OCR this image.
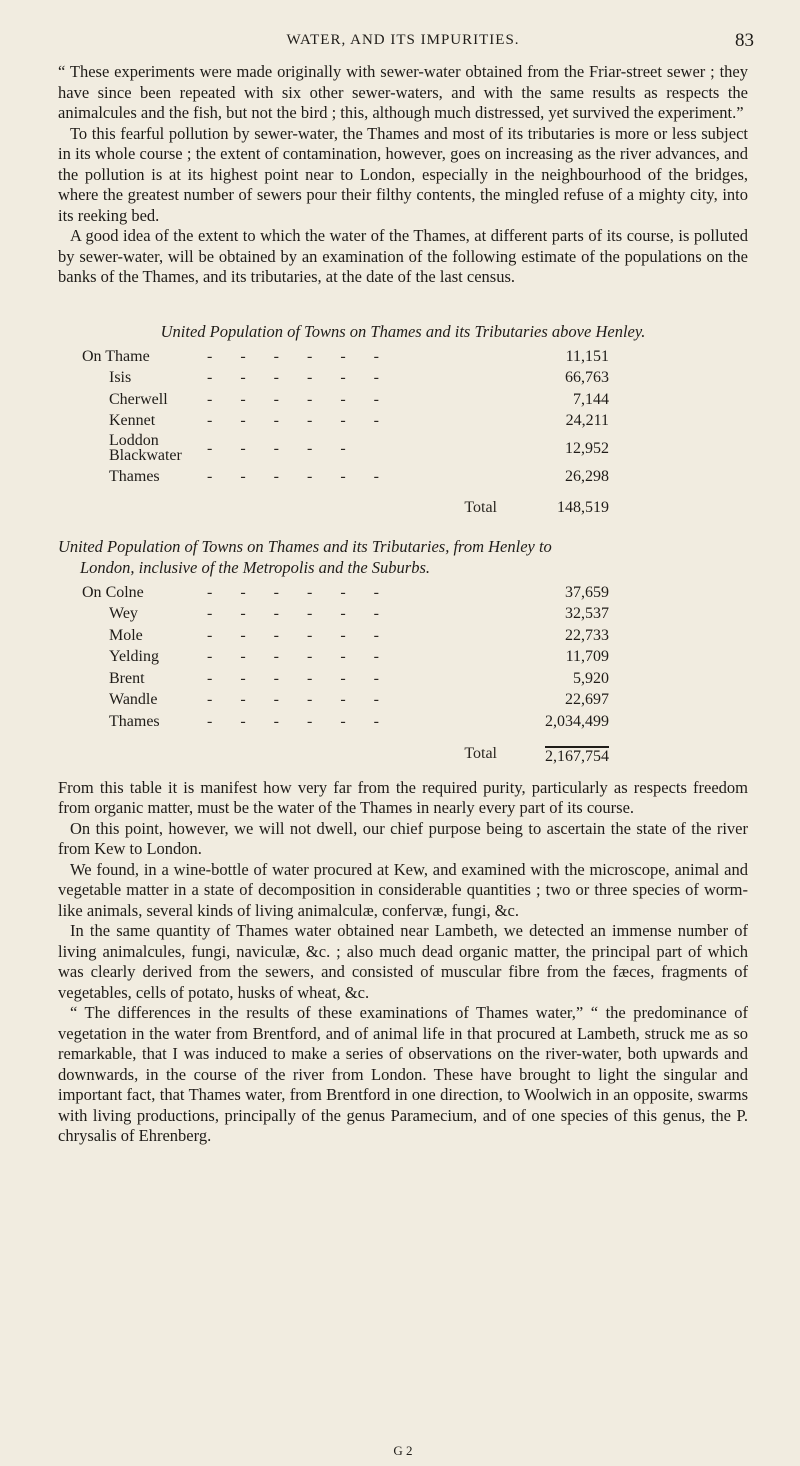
WATER, AND ITS IMPURITIES.	83

“ These experiments were made originally with sewer-water obtained from the Friar-street sewer ; they have since been repeated with six other sewer-waters, and with the same results as respects the animalcules and the fish, but not the bird ; this, although much distressed, yet survived the experiment.”

To this fearful pollution by sewer-water, the Thames and most of its tributaries is more or less subject in its whole course ; the extent of contamination, however, goes on increasing as the river advances, and the pollution is at its highest point near to London, especially in the neighbourhood of the bridges, where the greatest number of sewers pour their filthy contents, the mingled refuse of a mighty city, into its reeking bed.

A good idea of the extent to which the water of the Thames, at different parts of its course, is polluted by sewer-water, will be obtained by an examination of the following estimate of the populations on the banks of the Thames, and its tributaries, at the date of the last census.

United Population of Towns on Thames and its Tributaries above Henley.
On Thame	- - - - - -	11,151
Isis	- - - - - -	66,763
Cherwell	- - - - - -	7,144
Kennet	- - - - - -	24,211
Loddon Blackwater	- - - - -	12,952
Thames	- - - - - -	26,298
	Total	148,519
United Population of Towns on Thames and its Tributaries, from Henley to
London, inclusive of the Metropolis and the Suburbs.
On Colne	- - - - - -	37,659
Wey	- - - - - -	32,537
Mole	- - - - - -	22,733
Yelding	- - - - - -	11,709
Brent	- - - - - -	5,920
Wandle	- - - - - -	22,697
Thames	- - - - - -	2,034,499
	Total	2,167,754

From this table it is manifest how very far from the required purity, particularly as respects freedom from organic matter, must be the water of the Thames in nearly every part of its course.

On this point, however, we will not dwell, our chief purpose being to ascertain the state of the river from Kew to London.

We found, in a wine-bottle of water procured at Kew, and examined with the microscope, animal and vegetable matter in a state of decomposition in considerable quantities ; two or three species of worm-like animals, several kinds of living animalculæ, confervæ, fungi, &c.

In the same quantity of Thames water obtained near Lambeth, we detected an immense number of living animalcules, fungi, naviculæ, &c. ; also much dead organic matter, the principal part of which was clearly derived from the sewers, and consisted of muscular fibre from the fæces, fragments of vegetables, cells of potato, husks of wheat, &c.

“ The differences in the results of these examinations of Thames water,” “ the predominance of vegetation in the water from Brentford, and of animal life in that procured at Lambeth, struck me as so remarkable, that I was induced to make a series of observations on the river-water, both upwards and downwards, in the course of the river from London. These have brought to light the singular and important fact, that Thames water, from Brentford in one direction, to Woolwich in an opposite, swarms with living productions, principally of the genus Paramecium, and of one species of this genus, the P. chrysalis of Ehrenberg.

G 2
